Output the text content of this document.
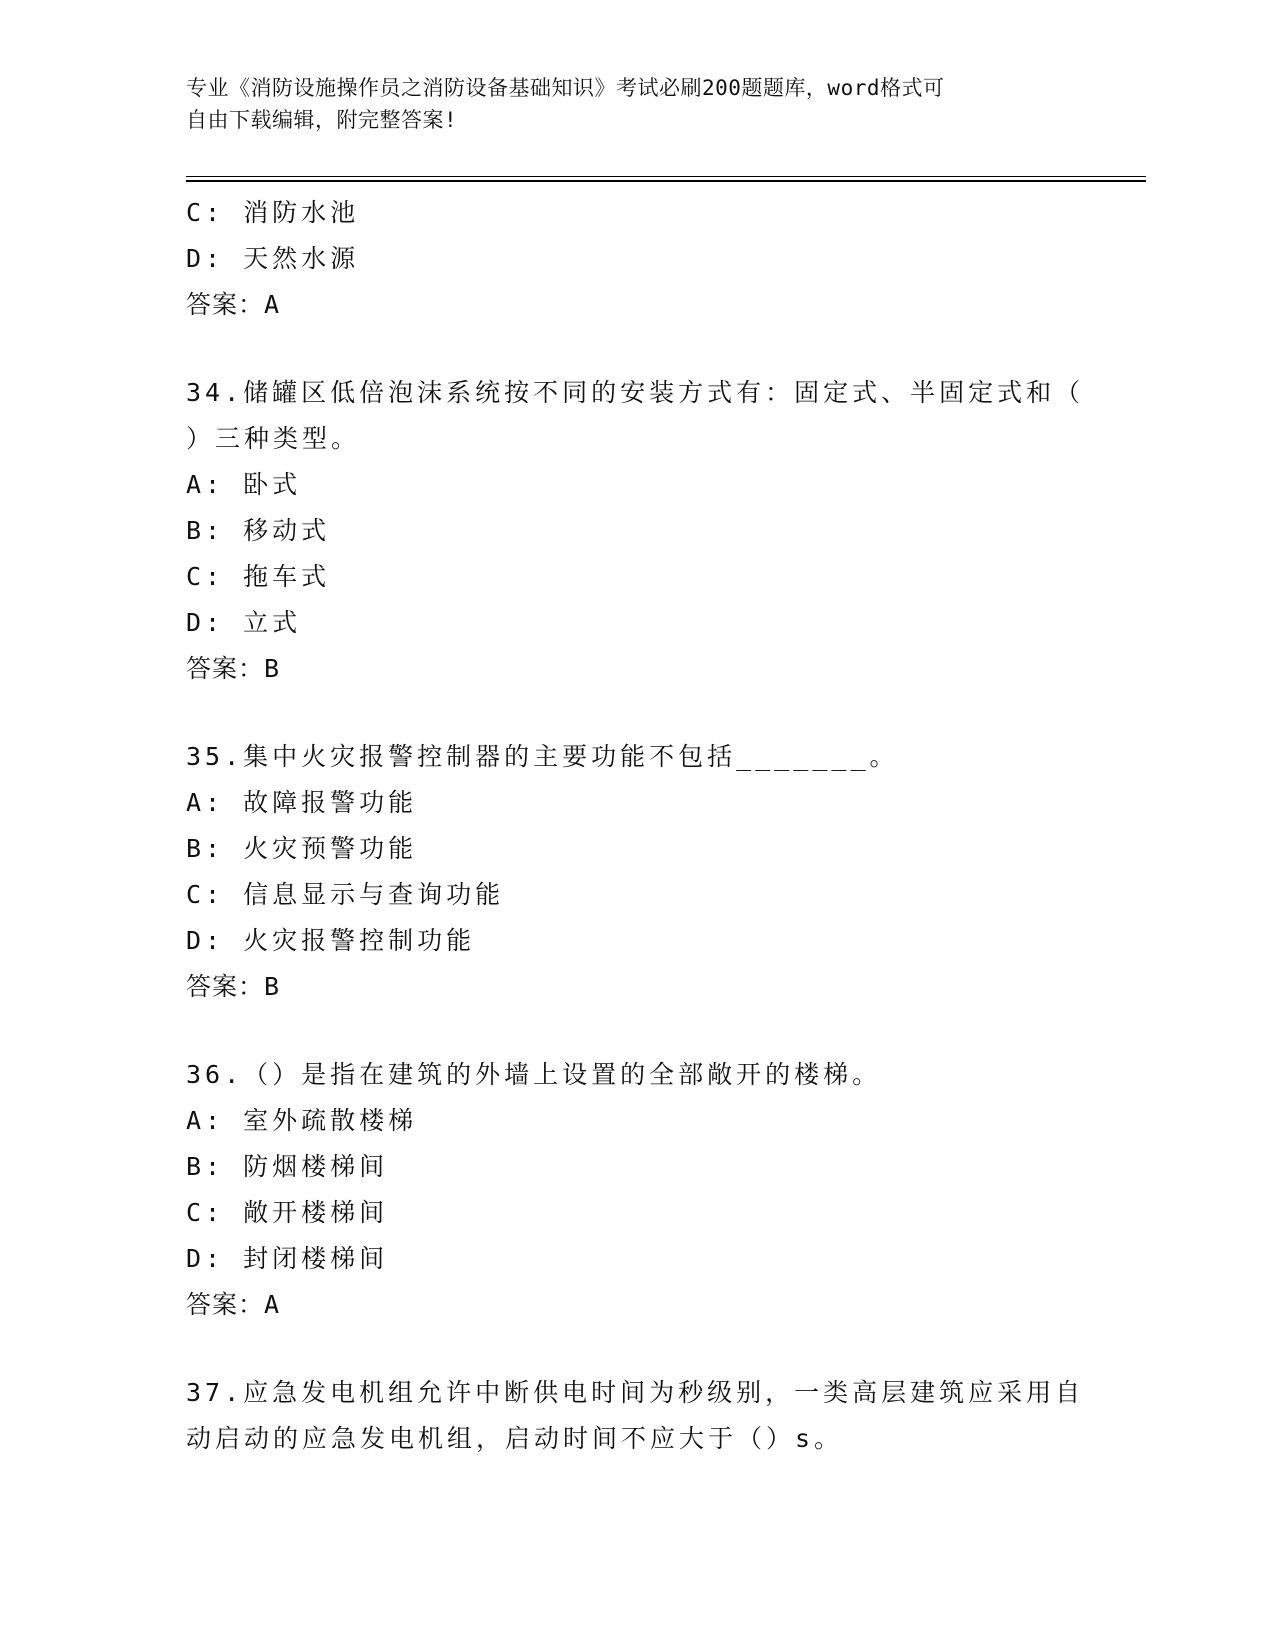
专业《消防设施操作员之消防设备基础知识》考试必刷200题题库，word格式可
自由下载编辑，附完整答案!
C: 消防水池
D: 天然水源
答案：A
34.储罐区低倍泡沫系统按不同的安装方式有：固定式、半固定式和（
）三种类型。
A: 卧式
B: 移动式
C: 拖车式
D: 立式
答案：B
35.集中火灾报警控制器的主要功能不包括_______。
A: 故障报警功能
B: 火灾预警功能
C: 信息显示与查询功能
D: 火灾报警控制功能
答案：B
36.（）是指在建筑的外墙上设置的全部敞开的楼梯。
A: 室外疏散楼梯
B: 防烟楼梯间
C: 敞开楼梯间
D: 封闭楼梯间
答案：A
37.应急发电机组允许中断供电时间为秒级别，一类高层建筑应采用自
动启动的应急发电机组，启动时间不应大于（）s。
